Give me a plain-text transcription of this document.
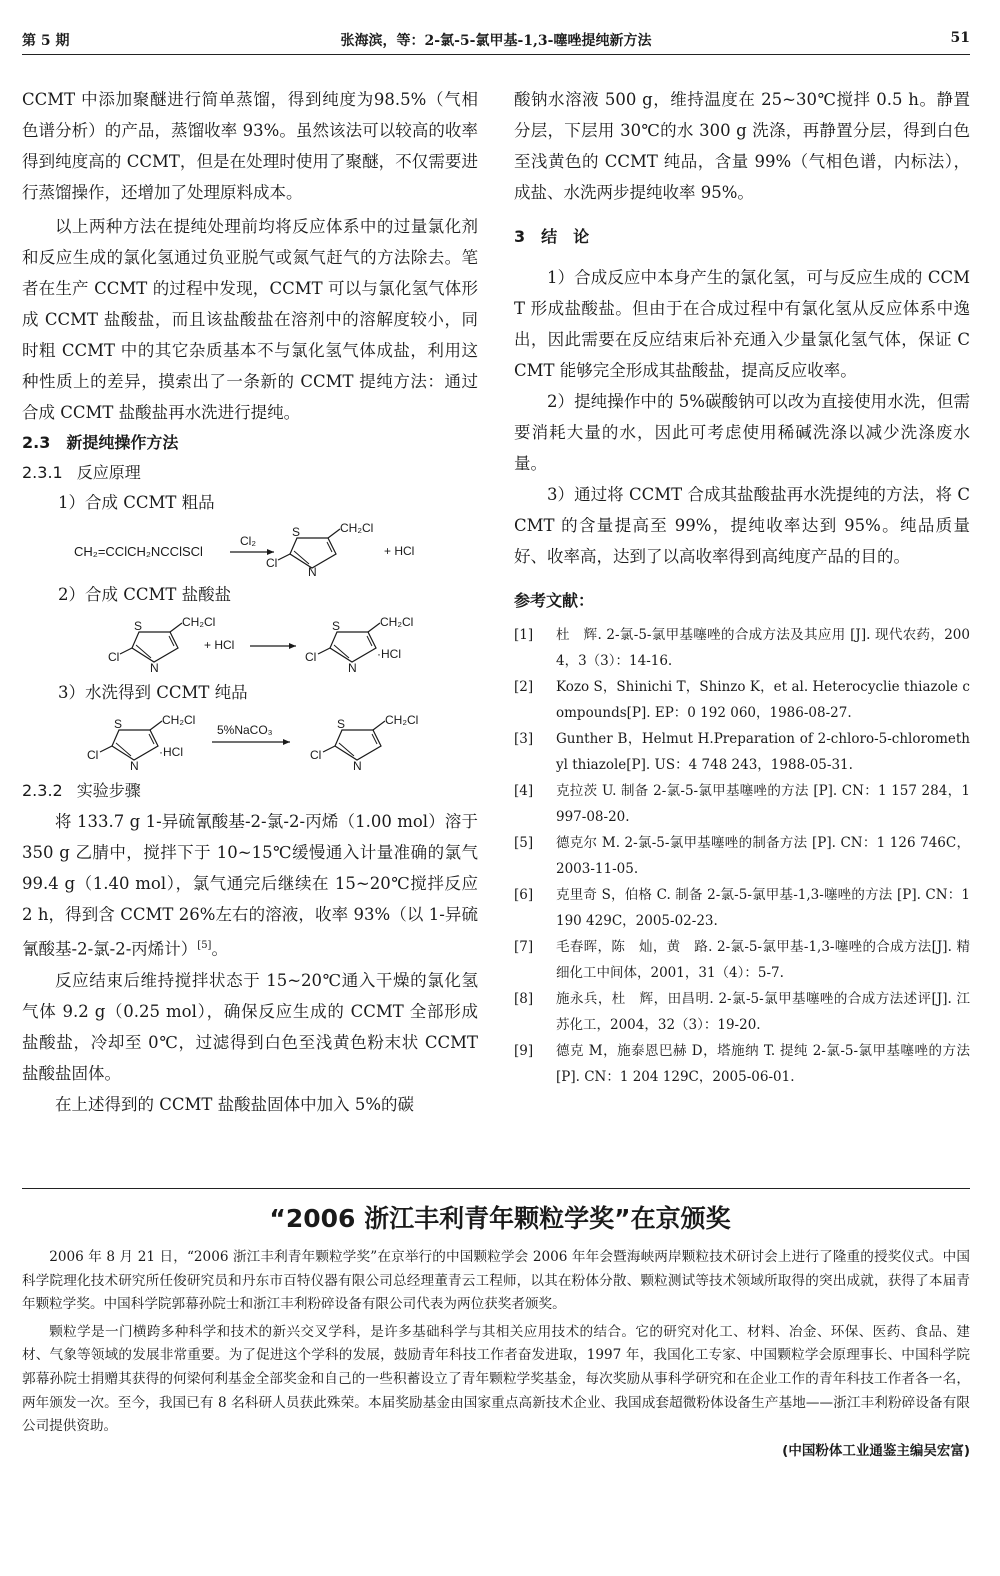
第 5 期	张海滨，等：2-氯-5-氯甲基-1,3-噻唑提纯新方法	51

CCMT 中添加聚醚进行简单蒸馏，得到纯度为98.5%（气相色谱分析）的产品，蒸馏收率 93%。虽然该法可以较高的收率得到纯度高的 CCMT，但是在处理时使用了聚醚，不仅需要进行蒸馏操作，还增加了处理原料成本。

以上两种方法在提纯处理前均将反应体系中的过量氯化剂和反应生成的氯化氢通过负亚脱气或氮气赶气的方法除去。笔者在生产 CCMT 的过程中发现，CCMT 可以与氯化氢气体形成 CCMT 盐酸盐，而且该盐酸盐在溶剂中的溶解度较小，同时粗 CCMT 中的其它杂质基本不与氯化氢气体成盐，利用这种性质上的差异，摸索出了一条新的 CCMT 提纯方法：通过合成 CCMT 盐酸盐再水洗进行提纯。

2.3　新提纯操作方法

2.3.1 反应原理

1）合成 CCMT 粗品

CH₂=CClCH₂NCClSCl
Cl₂
S
N
Cl
CH₂Cl
+ HCl

2）合成 CCMT 盐酸盐

S
N
Cl
CH₂Cl
+ HCl
S
N
Cl
CH₂Cl
·HCl

3）水洗得到 CCMT 纯品

S
N
Cl
CH₂Cl
·HCl
5%NaCO₃	S
N
Cl
CH₂Cl

2.3.2 实验步骤

将 133.7 g 1-异硫氰酸基-2-氯-2-丙烯（1.00 mol）溶于 350 g 乙腈中，搅拌下于 10~15℃缓慢通入计量准确的氯气 99.4 g（1.40 mol），氯气通完后继续在 15~20℃搅拌反应 2 h，得到含 CCMT 26%左右的溶液，收率 93%（以 1-异硫氰酸基-2-氯-2-丙烯计）[5]。

反应结束后维持搅拌状态于 15~20℃通入干燥的氯化氢气体 9.2 g（0.25 mol），确保反应生成的 CCMT 全部形成盐酸盐，冷却至 0℃，过滤得到白色至浅黄色粉末状 CCMT 盐酸盐固体。

在上述得到的 CCMT 盐酸盐固体中加入 5%的碳

酸钠水溶液 500 g，维持温度在 25~30℃搅拌 0.5 h。静置分层，下层用 30℃的水 300 g 洗涤，再静置分层，得到白色至浅黄色的 CCMT 纯品，含量 99%（气相色谱，内标法），成盐、水洗两步提纯收率 95%。

3　结　论

1）合成反应中本身产生的氯化氢，可与反应生成的 CCMT 形成盐酸盐。但由于在合成过程中有氯化氢从反应体系中逸出，因此需要在反应结束后补充通入少量氯化氢气体，保证 CCMT 能够完全形成其盐酸盐，提高反应收率。

2）提纯操作中的 5%碳酸钠可以改为直接使用水洗，但需要消耗大量的水，因此可考虑使用稀碱洗涤以减少洗涤废水量。

3）通过将 CCMT 合成其盐酸盐再水洗提纯的方法，将 CCMT 的含量提高至 99%，提纯收率达到 95%。纯品质量好、收率高，达到了以高收率得到高纯度产品的目的。

参考文献：

[1] 杜　辉. 2-氯-5-氯甲基噻唑的合成方法及其应用 [J]. 现代农药，2004，3（3）：14-16.
[2] Kozo S，Shinichi T，Shinzo K，et al. Heterocyclie thiazole compounds[P]. EP：0 192 060，1986-08-27.
[3] Gunther B，Helmut H.Preparation of 2-chloro-5-chloromethyl thiazole[P]. US：4 748 243，1988-05-31.
[4] 克拉茨 U. 制备 2-氯-5-氯甲基噻唑的方法 [P]. CN：1 157 284，1997-08-20.
[5] 德克尔 M. 2-氯-5-氯甲基噻唑的制备方法 [P]. CN：1 126 746C，2003-11-05.
[6] 克里奇 S，伯格 C. 制备 2-氯-5-氯甲基-1,3-噻唑的方法 [P]. CN：1 190 429C，2005-02-23.
[7] 毛春晖，陈　灿，黄　路. 2-氯-5-氯甲基-1,3-噻唑的合成方法[J]. 精细化工中间体，2001，31（4）：5-7.
[8] 施永兵，杜　辉，田昌明. 2-氯-5-氯甲基噻唑的合成方法述评[J]. 江苏化工，2004，32（3）：19-20.
[9] 德克 M，施泰恩巴赫 D，塔施纳 T. 提纯 2-氯-5-氯甲基噻唑的方法[P]. CN：1 204 129C，2005-06-01.
“2006 浙江丰利青年颗粒学奖”在京颁奖

2006 年 8 月 21 日，“2006 浙江丰利青年颗粒学奖”在京举行的中国颗粒学会 2006 年年会暨海峡两岸颗粒技术研讨会上进行了隆重的授奖仪式。中国科学院理化技术研究所任俊研究员和丹东市百特仪器有限公司总经理董青云工程师，以其在粉体分散、颗粒测试等技术领域所取得的突出成就，获得了本届青年颗粒学奖。中国科学院郭幕孙院士和浙江丰利粉碎设备有限公司代表为两位获奖者颁奖。

颗粒学是一门横跨多种科学和技术的新兴交叉学科，是许多基础科学与其相关应用技术的结合。它的研究对化工、材料、冶金、环保、医药、食品、建材、气象等领域的发展非常重要。为了促进这个学科的发展，鼓励青年科技工作者奋发进取，1997 年，我国化工专家、中国颗粒学会原理事长、中国科学院郭幕孙院士捐赠其获得的何梁何利基金全部奖金和自己的一些积蓄设立了青年颗粒学奖基金，每次奖励从事科学研究和在企业工作的青年科技工作者各一名，两年颁发一次。至今，我国已有 8 名科研人员获此殊荣。本届奖励基金由国家重点高新技术企业、我国成套超微粉体设备生产基地——浙江丰利粉碎设备有限公司提供资助。

(中国粉体工业通鉴主编吴宏富)
